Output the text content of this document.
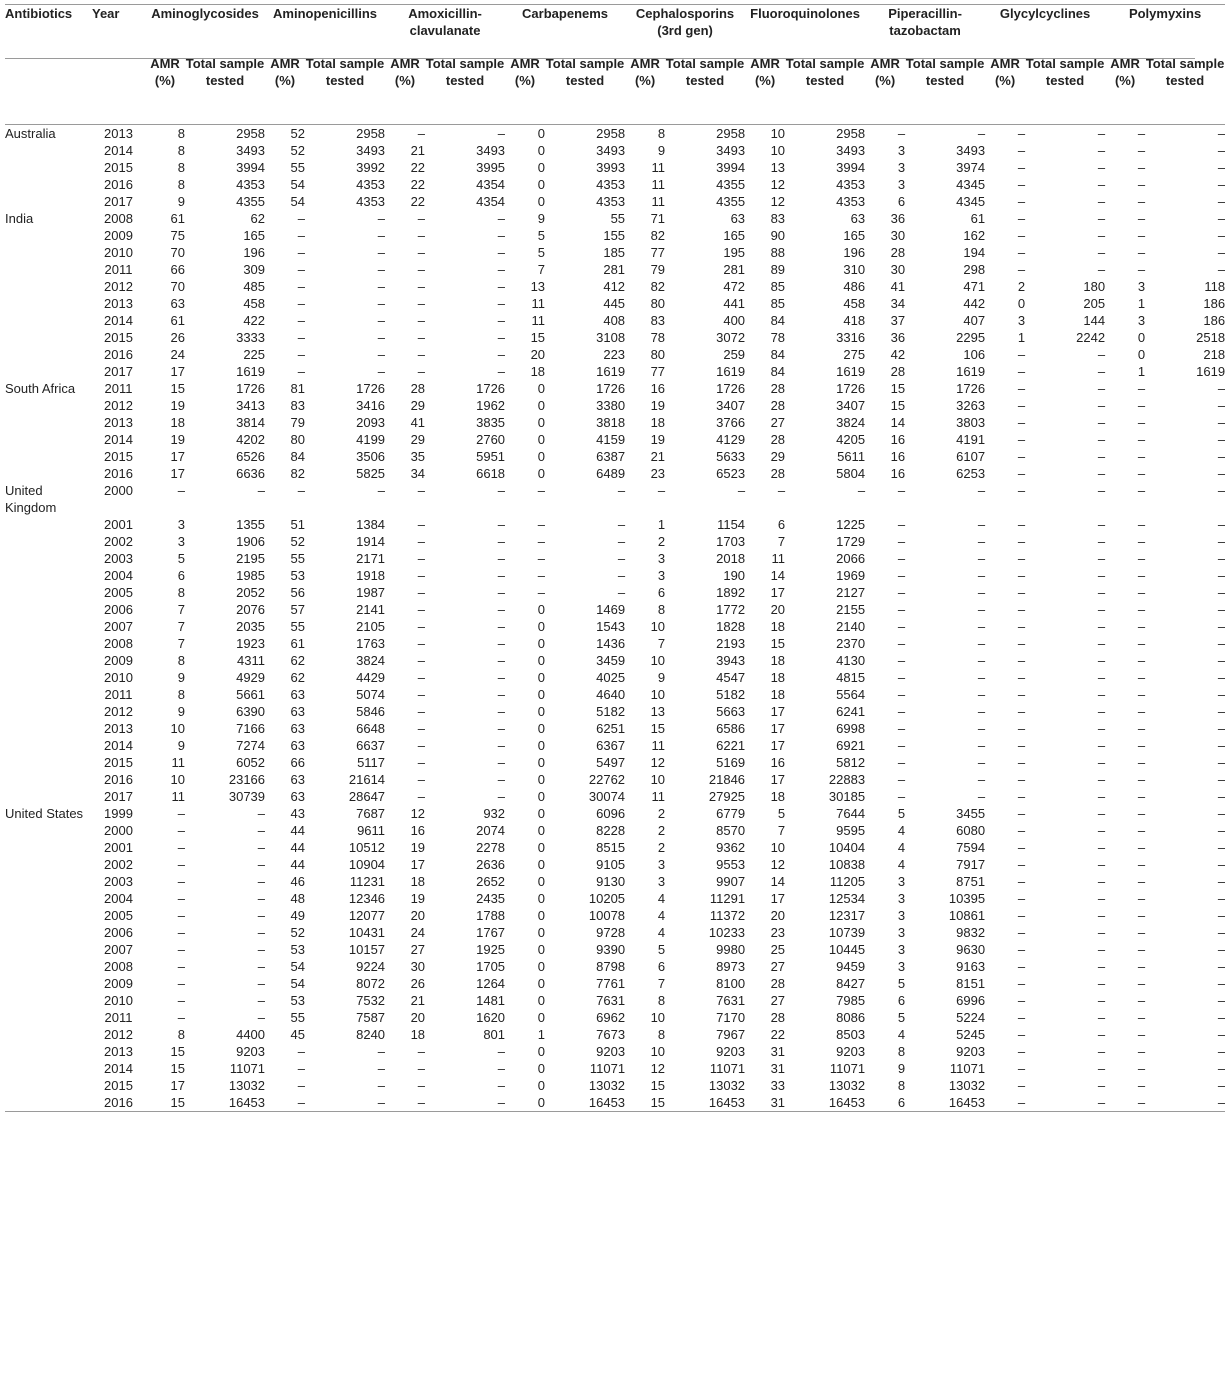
Antibiotics	Year	Aminoglycosides		Aminopenicillins		Amoxicillin-clavulanate		Carbapenems		Cephalosporins (3rd gen)		Fluoroquinolones		Piperacillin-tazobactam		Glycylcyclines		Polymyxins	

		AMR (%)	Total sample tested	AMR (%)	Total sample tested	AMR (%)	Total sample tested	AMR (%)	Total sample tested	AMR (%)	Total sample tested	AMR (%)	Total sample tested	AMR (%)	Total sample tested	AMR (%)	Total sample tested	AMR (%)	Total sample tested
Australia	2013	8	2958	52	2958	–	–	0	2958	8	2958	10	2958	–	–	–	–	–	–
	2014	8	3493	52	3493	21	3493	0	3493	9	3493	10	3493	3	3493	–	–	–	–
	2015	8	3994	55	3992	22	3995	0	3993	11	3994	13	3994	3	3974	–	–	–	–
	2016	8	4353	54	4353	22	4354	0	4353	11	4355	12	4353	3	4345	–	–	–	–
	2017	9	4355	54	4353	22	4354	0	4353	11	4355	12	4353	6	4345	–	–	–	–
India	2008	61	62	–	–	–	–	9	55	71	63	83	63	36	61	–	–	–	–
	2009	75	165	–	–	–	–	5	155	82	165	90	165	30	162	–	–	–	–
	2010	70	196	–	–	–	–	5	185	77	195	88	196	28	194	–	–	–	–
	2011	66	309	–	–	–	–	7	281	79	281	89	310	30	298	–	–	–	–
	2012	70	485	–	–	–	–	13	412	82	472	85	486	41	471	2	180	3	118
	2013	63	458	–	–	–	–	11	445	80	441	85	458	34	442	0	205	1	186
	2014	61	422	–	–	–	–	11	408	83	400	84	418	37	407	3	144	3	186
	2015	26	3333	–	–	–	–	15	3108	78	3072	78	3316	36	2295	1	2242	0	2518
	2016	24	225	–	–	–	–	20	223	80	259	84	275	42	106	–	–	0	218
	2017	17	1619	–	–	–	–	18	1619	77	1619	84	1619	28	1619	–	–	1	1619
South Africa	2011	15	1726	81	1726	28	1726	0	1726	16	1726	28	1726	15	1726	–	–	–	–
	2012	19	3413	83	3416	29	1962	0	3380	19	3407	28	3407	15	3263	–	–	–	–
	2013	18	3814	79	2093	41	3835	0	3818	18	3766	27	3824	14	3803	–	–	–	–
	2014	19	4202	80	4199	29	2760	0	4159	19	4129	28	4205	16	4191	–	–	–	–
	2015	17	6526	84	3506	35	5951	0	6387	21	5633	29	5611	16	6107	–	–	–	–
	2016	17	6636	82	5825	34	6618	0	6489	23	6523	28	5804	16	6253	–	–	–	–
United Kingdom	2000	–	–	–	–	–	–	–	–	–	–	–	–	–	–	–	–	–	–
	2001	3	1355	51	1384	–	–	–	–	1	1154	6	1225	–	–	–	–	–	–
	2002	3	1906	52	1914	–	–	–	–	2	1703	7	1729	–	–	–	–	–	–
	2003	5	2195	55	2171	–	–	–	–	3	2018	11	2066	–	–	–	–	–	–
	2004	6	1985	53	1918	–	–	–	–	3	190	14	1969	–	–	–	–	–	–
	2005	8	2052	56	1987	–	–	–	–	6	1892	17	2127	–	–	–	–	–	–
	2006	7	2076	57	2141	–	–	0	1469	8	1772	20	2155	–	–	–	–	–	–
	2007	7	2035	55	2105	–	–	0	1543	10	1828	18	2140	–	–	–	–	–	–
	2008	7	1923	61	1763	–	–	0	1436	7	2193	15	2370	–	–	–	–	–	–
	2009	8	4311	62	3824	–	–	0	3459	10	3943	18	4130	–	–	–	–	–	–
	2010	9	4929	62	4429	–	–	0	4025	9	4547	18	4815	–	–	–	–	–	–
	2011	8	5661	63	5074	–	–	0	4640	10	5182	18	5564	–	–	–	–	–	–
	2012	9	6390	63	5846	–	–	0	5182	13	5663	17	6241	–	–	–	–	–	–
	2013	10	7166	63	6648	–	–	0	6251	15	6586	17	6998	–	–	–	–	–	–
	2014	9	7274	63	6637	–	–	0	6367	11	6221	17	6921	–	–	–	–	–	–
	2015	11	6052	66	5117	–	–	0	5497	12	5169	16	5812	–	–	–	–	–	–
	2016	10	23166	63	21614	–	–	0	22762	10	21846	17	22883	–	–	–	–	–	–
	2017	11	30739	63	28647	–	–	0	30074	11	27925	18	30185	–	–	–	–	–	–
United States	1999	–	–	43	7687	12	932	0	6096	2	6779	5	7644	5	3455	–	–	–	–
	2000	–	–	44	9611	16	2074	0	8228	2	8570	7	9595	4	6080	–	–	–	–
	2001	–	–	44	10512	19	2278	0	8515	2	9362	10	10404	4	7594	–	–	–	–
	2002	–	–	44	10904	17	2636	0	9105	3	9553	12	10838	4	7917	–	–	–	–
	2003	–	–	46	11231	18	2652	0	9130	3	9907	14	11205	3	8751	–	–	–	–
	2004	–	–	48	12346	19	2435	0	10205	4	11291	17	12534	3	10395	–	–	–	–
	2005	–	–	49	12077	20	1788	0	10078	4	11372	20	12317	3	10861	–	–	–	–
	2006	–	–	52	10431	24	1767	0	9728	4	10233	23	10739	3	9832	–	–	–	–
	2007	–	–	53	10157	27	1925	0	9390	5	9980	25	10445	3	9630	–	–	–	–
	2008	–	–	54	9224	30	1705	0	8798	6	8973	27	9459	3	9163	–	–	–	–
	2009	–	–	54	8072	26	1264	0	7761	7	8100	28	8427	5	8151	–	–	–	–
	2010	–	–	53	7532	21	1481	0	7631	8	7631	27	7985	6	6996	–	–	–	–
	2011	–	–	55	7587	20	1620	0	6962	10	7170	28	8086	5	5224	–	–	–	–
	2012	8	4400	45	8240	18	801	1	7673	8	7967	22	8503	4	5245	–	–	–	–
	2013	15	9203	–	–	–	–	0	9203	10	9203	31	9203	8	9203	–	–	–	–
	2014	15	11071	–	–	–	–	0	11071	12	11071	31	11071	9	11071	–	–	–	–
	2015	17	13032	–	–	–	–	0	13032	15	13032	33	13032	8	13032	–	–	–	–
	2016	15	16453	–	–	–	–	0	16453	15	16453	31	16453	6	16453	–	–	–	–
